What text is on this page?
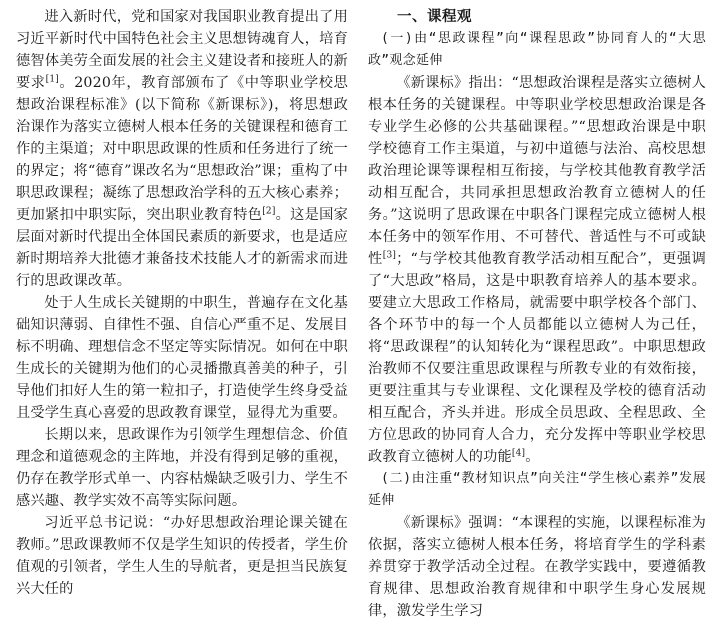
进入新时代，党和国家对我国职业教育提出了用习近平新时代中国特色社会主义思想铸魂育人，培育德智体美劳全面发展的社会主义建设者和接班人的新要求[1]。2020年，教育部颁布了《中等职业学校思想政治课程标准》(以下简称《新课标》)，将思想政治课作为落实立德树人根本任务的关键课程和德育工作的主渠道；对中职思政课的性质和任务进行了统一的界定；将“德育”课改名为“思想政治”课；重构了中职思政课程；凝练了思想政治学科的五大核心素养；更加紧扣中职实际，突出职业教育特色[2]。这是国家层面对新时代提出全体国民素质的新要求，也是适应新时期培养大批德才兼备技术技能人才的新需求而进行的思政课改革。

处于人生成长关键期的中职生，普遍存在文化基础知识薄弱、自律性不强、自信心严重不足、发展目标不明确、理想信念不坚定等实际情况。如何在中职生成长的关键期为他们的心灵播撒真善美的种子，引导他们扣好人生的第一粒扣子，打造使学生终身受益且受学生真心喜爱的思政教育课堂，显得尤为重要。

长期以来，思政课作为引领学生理想信念、价值理念和道德观念的主阵地，并没有得到足够的重视，仍存在教学形式单一、内容枯燥缺乏吸引力、学生不感兴趣、教学实效不高等实际问题。

习近平总书记说：“办好思想政治理论课关键在教师。”思政课教师不仅是学生知识的传授者，学生价值观的引领者，学生人生的导航者，更是担当民族复兴大任的

一、课程观
(一)由“思政课程”向“课程思政”协同育人的“大思政”观念延伸

《新课标》指出：“思想政治课程是落实立德树人根本任务的关键课程。中等职业学校思想政治课是各专业学生必修的公共基础课程。”“思想政治课是中职学校德育工作主渠道，与初中道德与法治、高校思想政治理论课等课程相互衔接，与学校其他教育教学活动相互配合，共同承担思想政治教育立德树人的任务。”这说明了思政课在中职各门课程完成立德树人根本任务中的领军作用、不可替代、普适性与不可或缺性[3]；“与学校其他教育教学活动相互配合”，更强调了“大思政”格局，这是中职教育培养人的基本要求。要建立大思政工作格局，就需要中职学校各个部门、各个环节中的每一个人员都能以立德树人为己任，将“思政课程”的认知转化为“课程思政”。中职思想政治教师不仅要注重思政课程与所教专业的有效衔接，更要注重其与专业课程、文化课程及学校的德育活动相互配合，齐头并进。形成全员思政、全程思政、全方位思政的协同育人合力，充分发挥中等职业学校思政教育立德树人的功能[4]。

(二)由注重“教材知识点”向关注“学生核心素养”发展延伸

《新课标》强调：“本课程的实施，以课程标准为依据，落实立德树人根本任务，将培育学生的学科素养贯穿于教学活动全过程。在教学实践中，要遵循教育规律、思想政治教育规律和中职学生身心发展规律，激发学生学习
